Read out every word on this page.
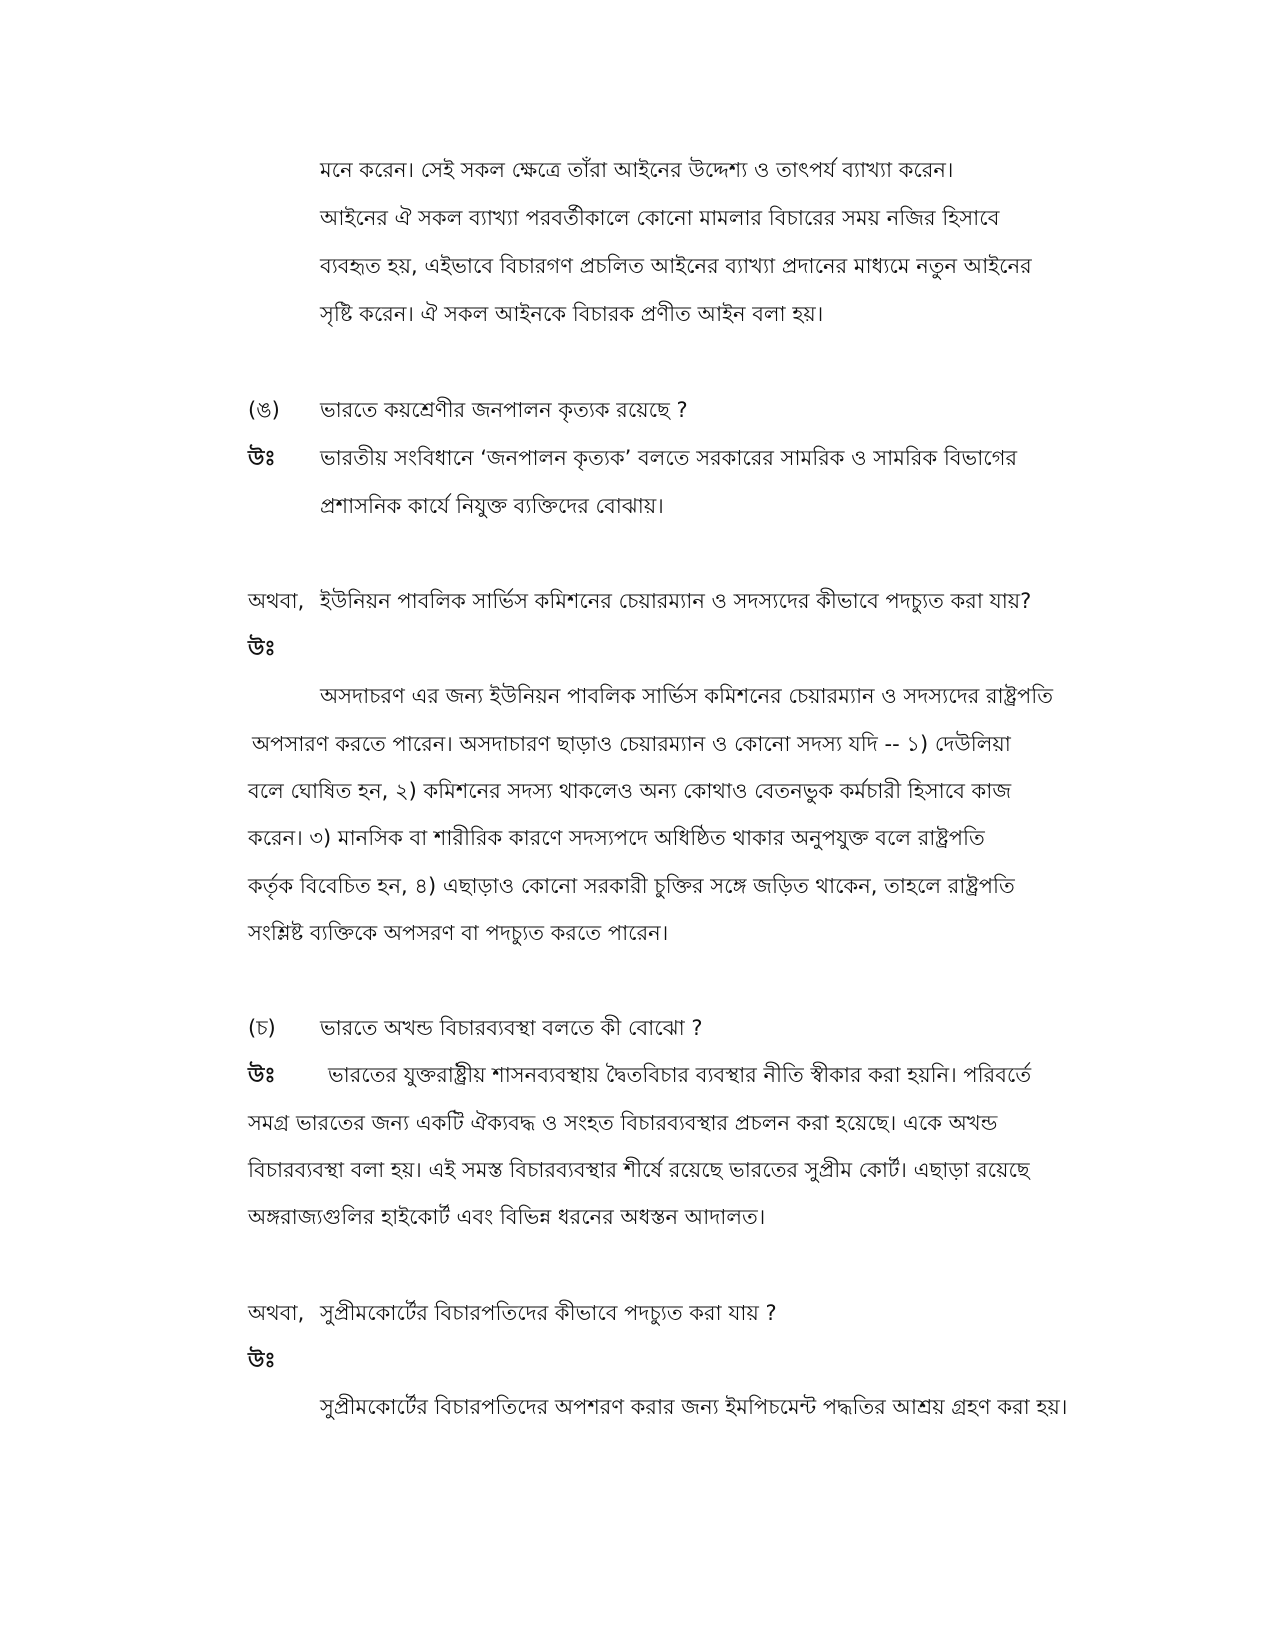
মনে করেন। সেই সকল ক্ষেত্রে তাঁরা আইনের উদ্দেশ্য ও তাৎপর্য ব্যাখ্যা করেন।
আইনের ঐ সকল ব্যাখ্যা পরবর্তীকালে কোনো মামলার বিচারের সময় নজির হিসাবে
ব্যবহৃত হয়, এইভাবে বিচারগণ প্রচলিত আইনের ব্যাখ্যা প্রদানের মাধ্যমে নতুন আইনের
সৃষ্টি করেন। ঐ সকল আইনকে বিচারক প্রণীত আইন বলা হয়।
(ঙ) ভারতে কয়শ্রেণীর জনপালন কৃত্যক রয়েছে ?
উঃ ভারতীয় সংবিধানে ‘জনপালন কৃত্যক’ বলতে সরকারের সামরিক ও সামরিক বিভাগের
প্রশাসনিক কার্যে নিযুক্ত ব্যক্তিদের বোঝায়।
অথবা, ইউনিয়ন পাবলিক সার্ভিস কমিশনের চেয়ারম্যান ও সদস্যদের কীভাবে পদচ্যুত করা যায়?
উঃ
অসদাচরণ এর জন্য ইউনিয়ন পাবলিক সার্ভিস কমিশনের চেয়ারম্যান ও সদস্যদের রাষ্ট্রপতি
অপসারণ করতে পারেন। অসদাচারণ ছাড়াও চেয়ারম্যান ও কোনো সদস্য যদি -- ১) দেউলিয়া
বলে ঘোষিত হন, ২) কমিশনের সদস্য থাকলেও অন্য কোথাও বেতনভুক কর্মচারী হিসাবে কাজ
করেন। ৩) মানসিক বা শারীরিক কারণে সদস্যপদে অধিষ্ঠিত থাকার অনুপযুক্ত বলে রাষ্ট্রপতি
কর্তৃক বিবেচিত হন, ৪) এছাড়াও কোনো সরকারী চুক্তির সঙ্গে জড়িত থাকেন, তাহলে রাষ্ট্রপতি
সংশ্লিষ্ট ব্যক্তিকে অপসরণ বা পদচ্যুত করতে পারেন।
(চ) ভারতে অখন্ড বিচারব্যবস্থা বলতে কী বোঝো ?
উঃ ভারতের যুক্তরাষ্ট্রীয় শাসনব্যবস্থায় দ্বৈতবিচার ব্যবস্থার নীতি স্বীকার করা হয়নি। পরিবর্তে
সমগ্র ভারতের জন্য একটি ঐক্যবদ্ধ ও সংহত বিচারব্যবস্থার প্রচলন করা হয়েছে। একে অখন্ড
বিচারব্যবস্থা বলা হয়। এই সমস্ত বিচারব্যবস্থার শীর্ষে রয়েছে ভারতের সুপ্রীম কোর্ট। এছাড়া রয়েছে
অঙ্গরাজ্যগুলির হাইকোর্ট এবং বিভিন্ন ধরনের অধস্তন আদালত।
অথবা, সুপ্রীমকোর্টের বিচারপতিদের কীভাবে পদচ্যুত করা যায় ?
উঃ
সুপ্রীমকোর্টের বিচারপতিদের অপশরণ করার জন্য ইমপিচমেন্ট পদ্ধতির আশ্রয় গ্রহণ করা হয়।
